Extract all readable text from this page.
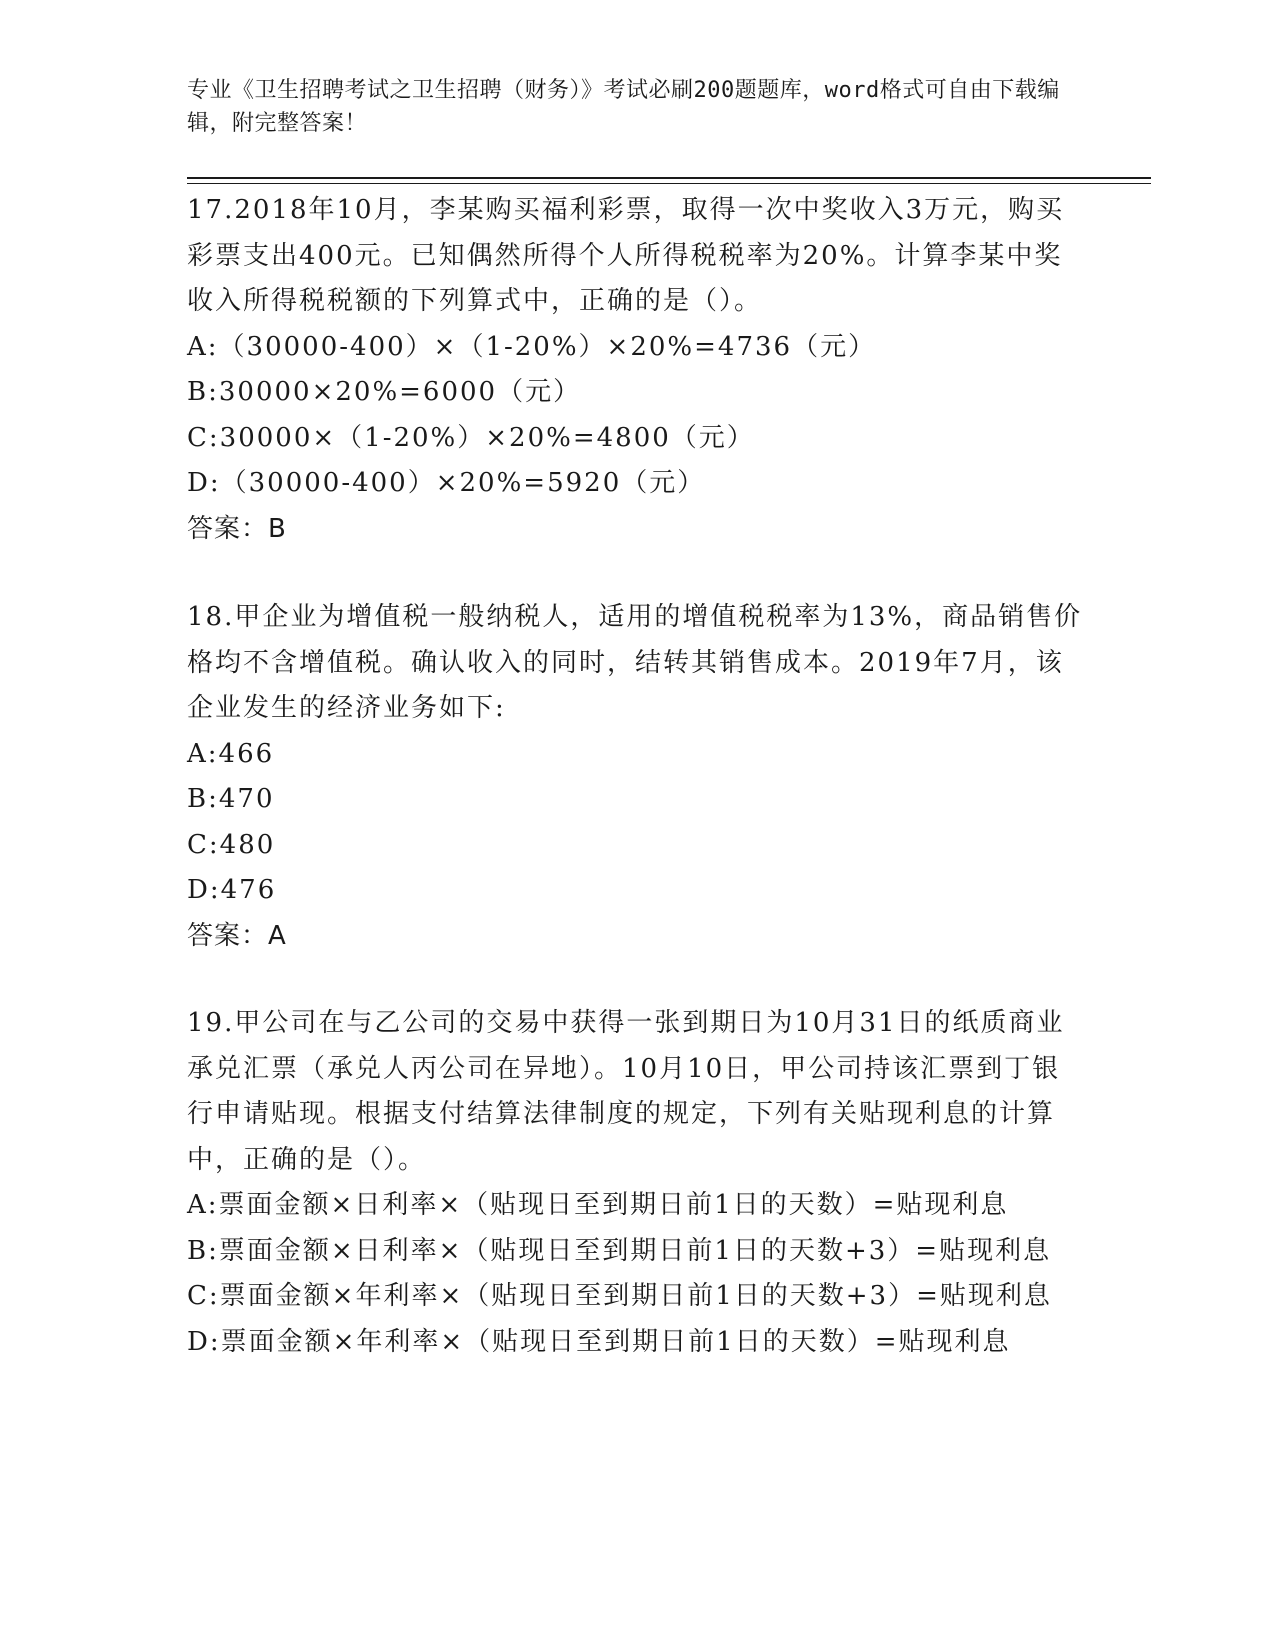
专业《卫生招聘考试之卫生招聘（财务）》考试必刷200题题库，word格式可自由下载编辑，附完整答案！

17.2018年10月，李某购买福利彩票，取得一次中奖收入3万元，购买彩票支出400元。已知偶然所得个人所得税税率为20%。计算李某中奖收入所得税税额的下列算式中，正确的是（）。

A:（30000-400）×（1-20%）×20%=4736（元）

B:30000×20%=6000（元）

C:30000×（1-20%）×20%=4800（元）

D:（30000-400）×20%=5920（元）

答案：B

18.甲企业为增值税一般纳税人，适用的增值税税率为13%，商品销售价格均不含增值税。确认收入的同时，结转其销售成本。2019年7月，该企业发生的经济业务如下:

A:466

B:470

C:480

D:476

答案：A

19.甲公司在与乙公司的交易中获得一张到期日为10月31日的纸质商业承兑汇票（承兑人丙公司在异地）。10月10日，甲公司持该汇票到丁银行申请贴现。根据支付结算法律制度的规定，下列有关贴现利息的计算中，正确的是（）。

A:票面金额×日利率×（贴现日至到期日前1日的天数）=贴现利息

B:票面金额×日利率×（贴现日至到期日前1日的天数+3）=贴现利息

C:票面金额×年利率×（贴现日至到期日前1日的天数+3）=贴现利息

D:票面金额×年利率×（贴现日至到期日前1日的天数）=贴现利息
